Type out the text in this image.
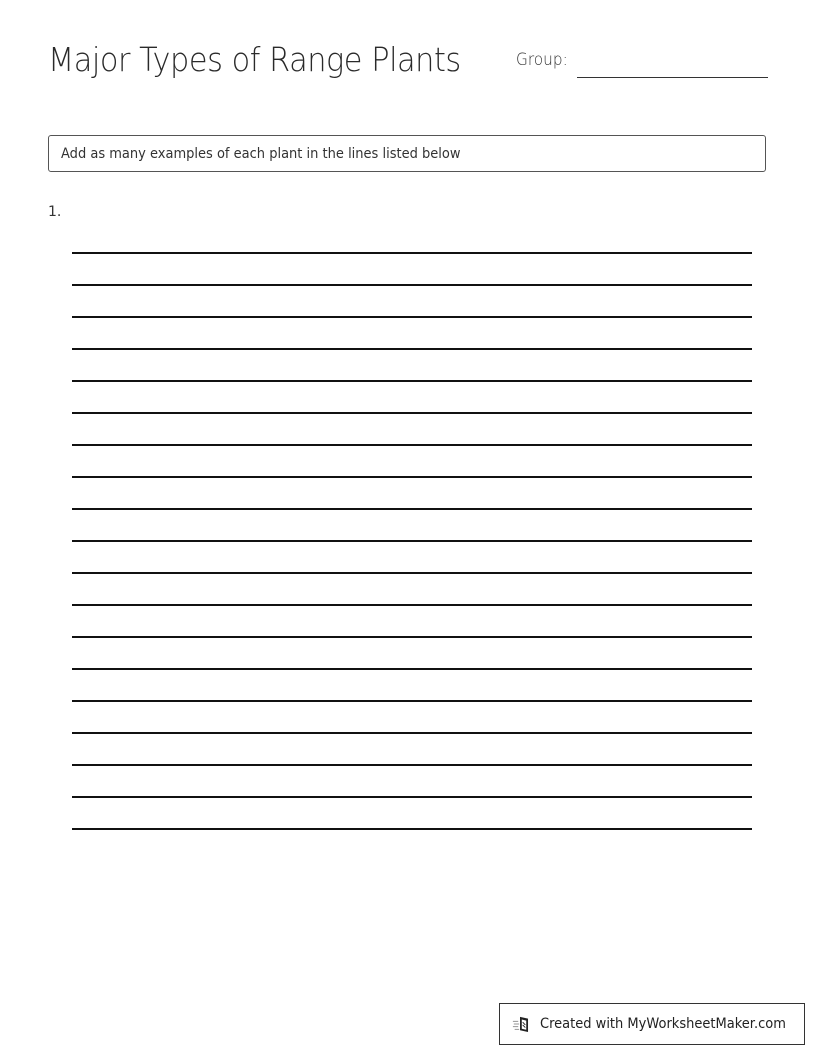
Major Types of Range Plants	Group:
Add as many examples of each plant in the lines listed below
1.
Created with MyWorksheetMaker.com
